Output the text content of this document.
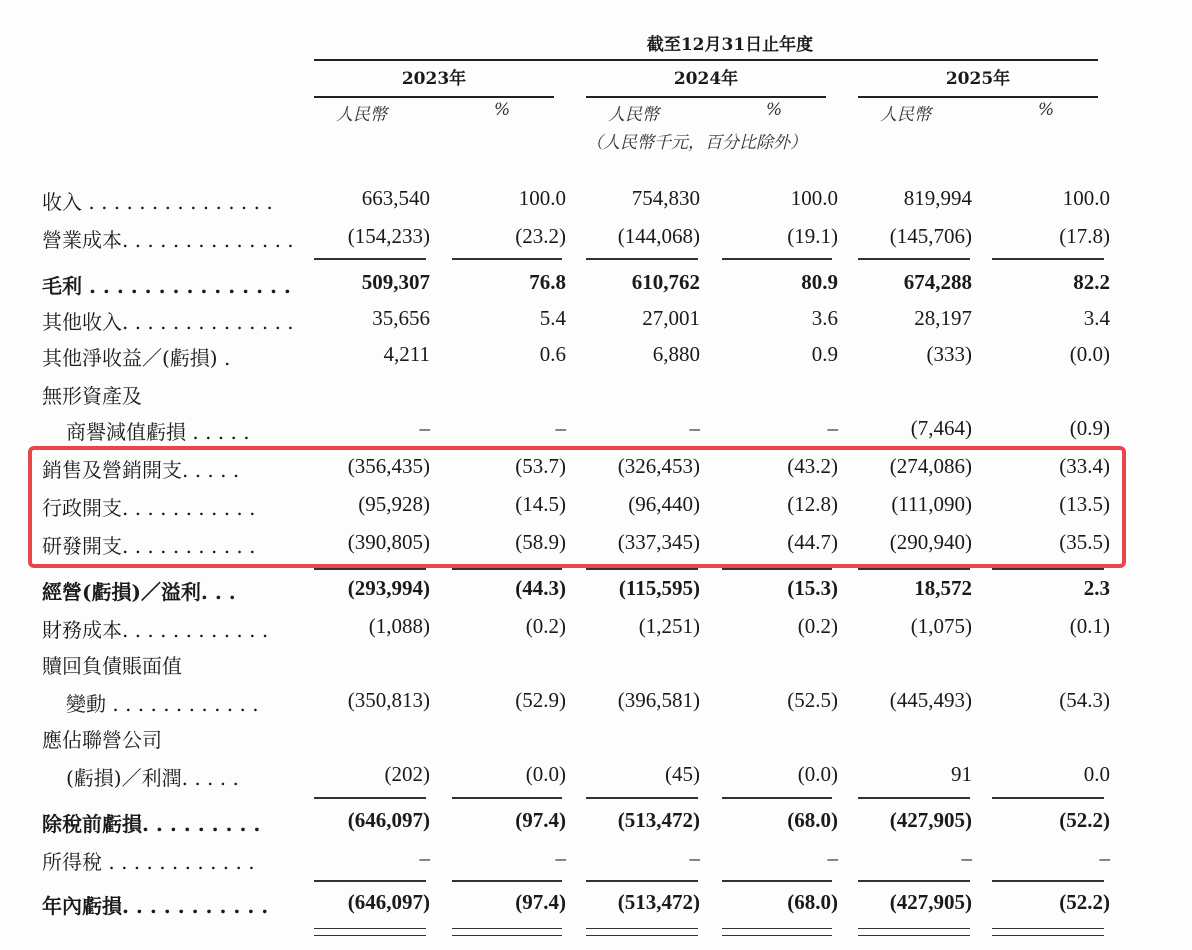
截至12月31日止年度
2023年	2024年	2025年
人民幣	%	人民幣	%	人民幣	%
（人民幣千元，百分比除外）
收入 . . . . . . . . . . . . . . .	663,540	100.0	754,830	100.0	819,994	100.0
營業成本. . . . . . . . . . . . . .	(154,233)	(23.2)	(144,068)	(19.1)	(145,706)	(17.8)
毛利 . . . . . . . . . . . . . . .	509,307	76.8	610,762	80.9	674,288	82.2
其他收入. . . . . . . . . . . . . .	35,656	5.4	27,001	3.6	28,197	3.4
其他淨收益／(虧損) .	4,211	0.6	6,880	0.9	(333)	(0.0)
無形資產及
商譽減值虧損 . . . . .	–	–	–	–	(7,464)	(0.9)
銷售及營銷開支. . . . .	(356,435)	(53.7)	(326,453)	(43.2)	(274,086)	(33.4)
行政開支. . . . . . . . . . .	(95,928)	(14.5)	(96,440)	(12.8)	(111,090)	(13.5)
研發開支. . . . . . . . . . .	(390,805)	(58.9)	(337,345)	(44.7)	(290,940)	(35.5)
經營(虧損)／溢利. . .	(293,994)	(44.3)	(115,595)	(15.3)	18,572	2.3
財務成本. . . . . . . . . . . .	(1,088)	(0.2)	(1,251)	(0.2)	(1,075)	(0.1)
贖回負債賬面值
變動 . . . . . . . . . . . .	(350,813)	(52.9)	(396,581)	(52.5)	(445,493)	(54.3)
應佔聯營公司
(虧損)／利潤. . . . .	(202)	(0.0)	(45)	(0.0)	91	0.0
除稅前虧損. . . . . . . . .	(646,097)	(97.4)	(513,472)	(68.0)	(427,905)	(52.2)
所得稅 . . . . . . . . . . . .	–	–	–	–	–	–
年內虧損. . . . . . . . . . .	(646,097)	(97.4)	(513,472)	(68.0)	(427,905)	(52.2)
